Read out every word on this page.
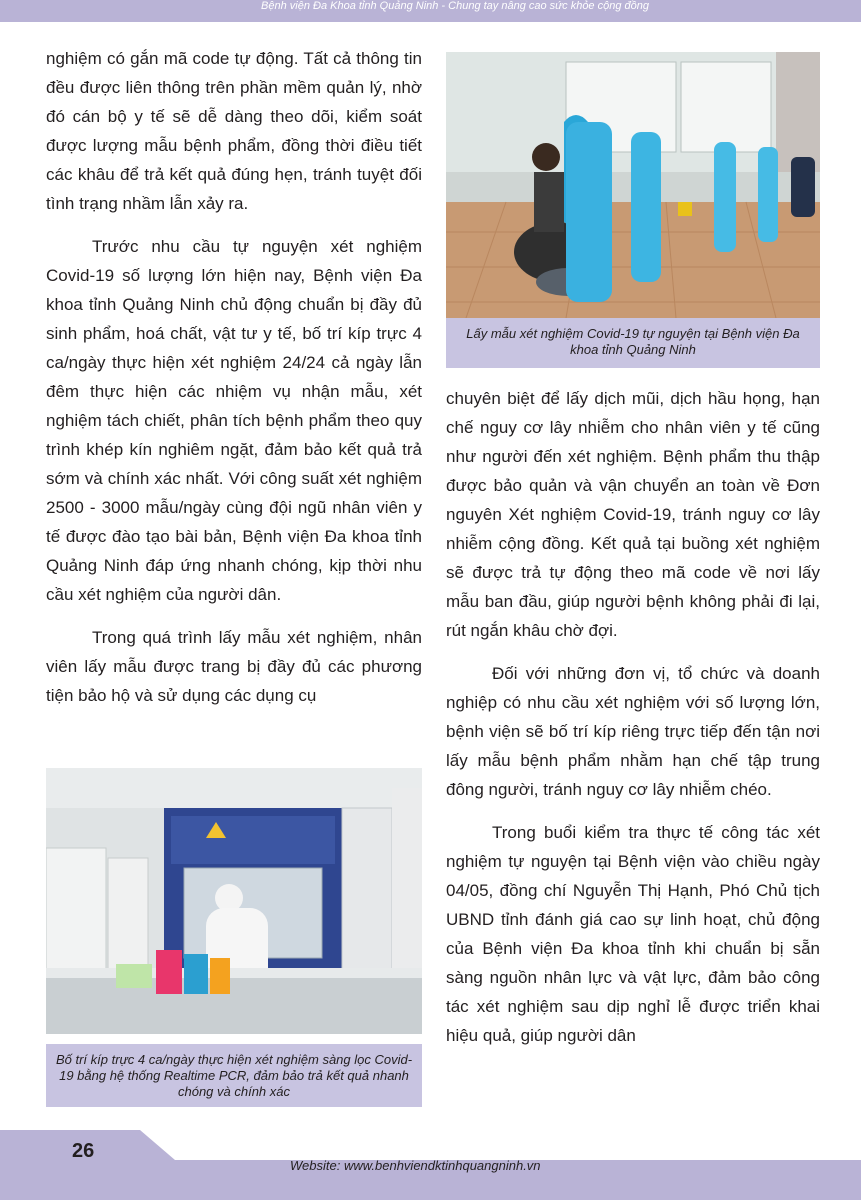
Bệnh viện Đa Khoa tỉnh Quảng Ninh - Chung tay nâng cao sức khỏe cộng đồng

nghiệm có gắn mã code tự động. Tất cả thông tin đều được liên thông trên phần mềm quản lý, nhờ đó cán bộ y tế sẽ dễ dàng theo dõi, kiểm soát được lượng mẫu bệnh phẩm, đồng thời điều tiết các khâu để trả kết quả đúng hẹn, tránh tuyệt đối tình trạng nhầm lẫn xảy ra.

Trước nhu cầu tự nguyện xét nghiệm Covid-19 số lượng lớn hiện nay, Bệnh viện Đa khoa tỉnh Quảng Ninh chủ động chuẩn bị đầy đủ sinh phẩm, hoá chất, vật tư y tế, bố trí kíp trực 4 ca/ngày thực hiện xét nghiệm 24/24 cả ngày lẫn đêm thực hiện các nhiệm vụ nhận mẫu, xét nghiệm tách chiết, phân tích bệnh phẩm theo quy trình khép kín nghiêm ngặt, đảm bảo kết quả trả sớm và chính xác nhất. Với công suất xét nghiệm 2500 - 3000 mẫu/ngày cùng đội ngũ nhân viên y tế được đào tạo bài bản, Bệnh viện Đa khoa tỉnh Quảng Ninh đáp ứng nhanh chóng, kịp thời nhu cầu xét nghiệm của người dân.

Trong quá trình lấy mẫu xét nghiệm, nhân viên lấy mẫu được trang bị đầy đủ các phương tiện bảo hộ và sử dụng các dụng cụ

Lấy mẫu xét nghiệm Covid-19 tự nguyện tại Bệnh viện Đa khoa tỉnh Quảng Ninh

chuyên biệt để lấy dịch mũi, dịch hầu họng, hạn chế nguy cơ lây nhiễm cho nhân viên y tế cũng như người đến xét nghiệm. Bệnh phẩm thu thập được bảo quản và vận chuyển an toàn về Đơn nguyên Xét nghiệm Covid-19, tránh nguy cơ lây nhiễm cộng đồng. Kết quả tại buồng xét nghiệm sẽ được trả tự động theo mã code về nơi lấy mẫu ban đầu, giúp người bệnh không phải đi lại, rút ngắn khâu chờ đợi.

Đối với những đơn vị, tổ chức và doanh nghiệp có nhu cầu xét nghiệm với số lượng lớn, bệnh viện sẽ bố trí kíp riêng trực tiếp đến tận nơi lấy mẫu bệnh phẩm nhằm hạn chế tập trung đông người, tránh nguy cơ lây nhiễm chéo.

Trong buổi kiểm tra thực tế công tác xét nghiệm tự nguyện tại Bệnh viện vào chiều ngày 04/05, đồng chí Nguyễn Thị Hạnh, Phó Chủ tịch UBND tỉnh đánh giá cao sự linh hoạt, chủ động của Bệnh viện Đa khoa tỉnh khi chuẩn bị sẵn sàng nguồn nhân lực và vật lực, đảm bảo công tác xét nghiệm sau dịp nghỉ lễ được triển khai hiệu quả, giúp người dân

Bố trí kíp trực 4 ca/ngày thực hiện xét nghiệm sàng lọc Covid-19 bằng hệ thống Realtime PCR, đảm bảo trả kết quả nhanh chóng và chính xác
26
Website: www.benhviendktinhquangninh.vn
